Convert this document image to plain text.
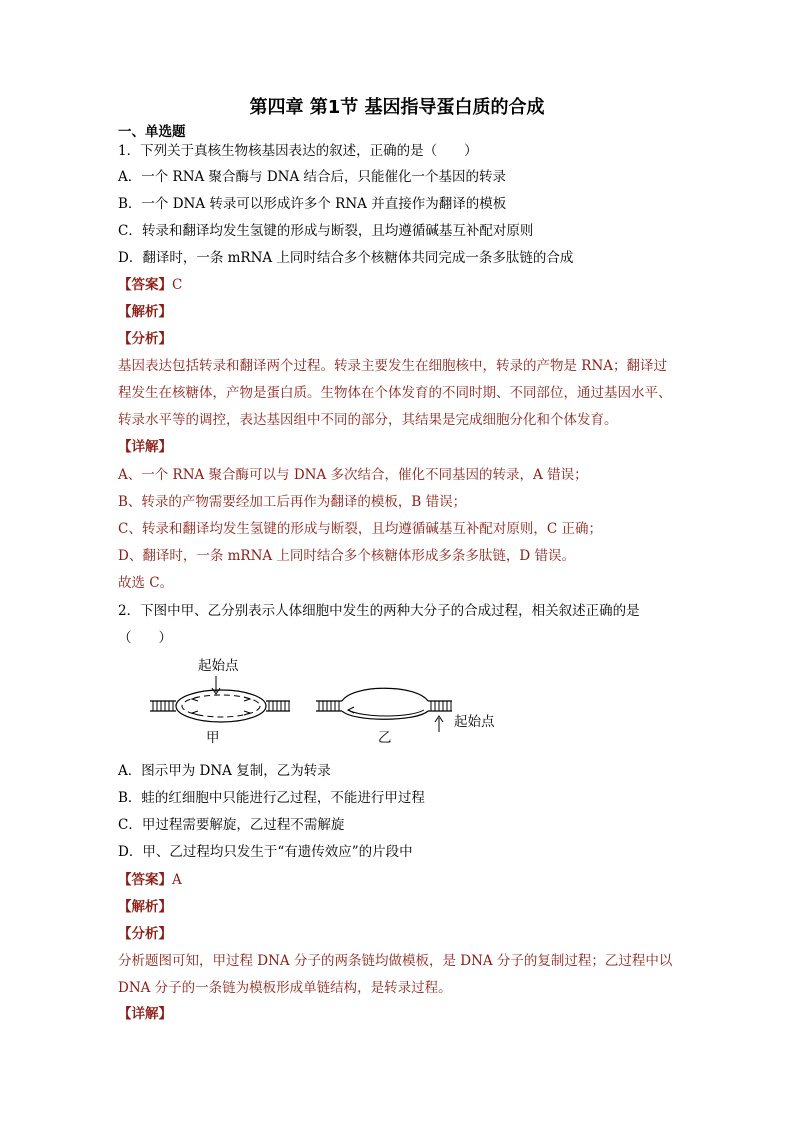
第四章 第1节 基因指导蛋白质的合成
一、单选题
1．下列关于真核生物核基因表达的叙述，正确的是（　　）
A．一个 RNA 聚合酶与 DNA 结合后，只能催化一个基因的转录
B．一个 DNA 转录可以形成许多个 RNA 并直接作为翻译的模板
C．转录和翻译均发生氢键的形成与断裂，且均遵循碱基互补配对原则
D．翻译时，一条 mRNA 上同时结合多个核糖体共同完成一条多肽链的合成
【答案】C
【解析】
【分析】
基因表达包括转录和翻译两个过程。转录主要发生在细胞核中，转录的产物是 RNA；翻译过程发生在核糖体，产物是蛋白质。生物体在个体发育的不同时期、不同部位，通过基因水平、转录水平等的调控，表达基因组中不同的部分，其结果是完成细胞分化和个体发育。
【详解】
A、一个 RNA 聚合酶可以与 DNA 多次结合，催化不同基因的转录，A 错误；
B、转录的产物需要经加工后再作为翻译的模板，B 错误；
C、转录和翻译均发生氢键的形成与断裂，且均遵循碱基互补配对原则，C 正确；
D、翻译时，一条 mRNA 上同时结合多个核糖体形成多条多肽链，D 错误。
故选 C。
2．下图中甲、乙分别表示人体细胞中发生的两种大分子的合成过程，相关叙述正确的是
（　　）
起始点
甲
起始点
乙
A．图示甲为 DNA 复制，乙为转录
B．蛙的红细胞中只能进行乙过程，不能进行甲过程
C．甲过程需要解旋，乙过程不需解旋
D．甲、乙过程均只发生于“有遗传效应”的片段中
【答案】A
【解析】
【分析】
分析题图可知，甲过程 DNA 分子的两条链均做模板，是 DNA 分子的复制过程；乙过程中以 DNA 分子的一条链为模板形成单链结构，是转录过程。
【详解】
